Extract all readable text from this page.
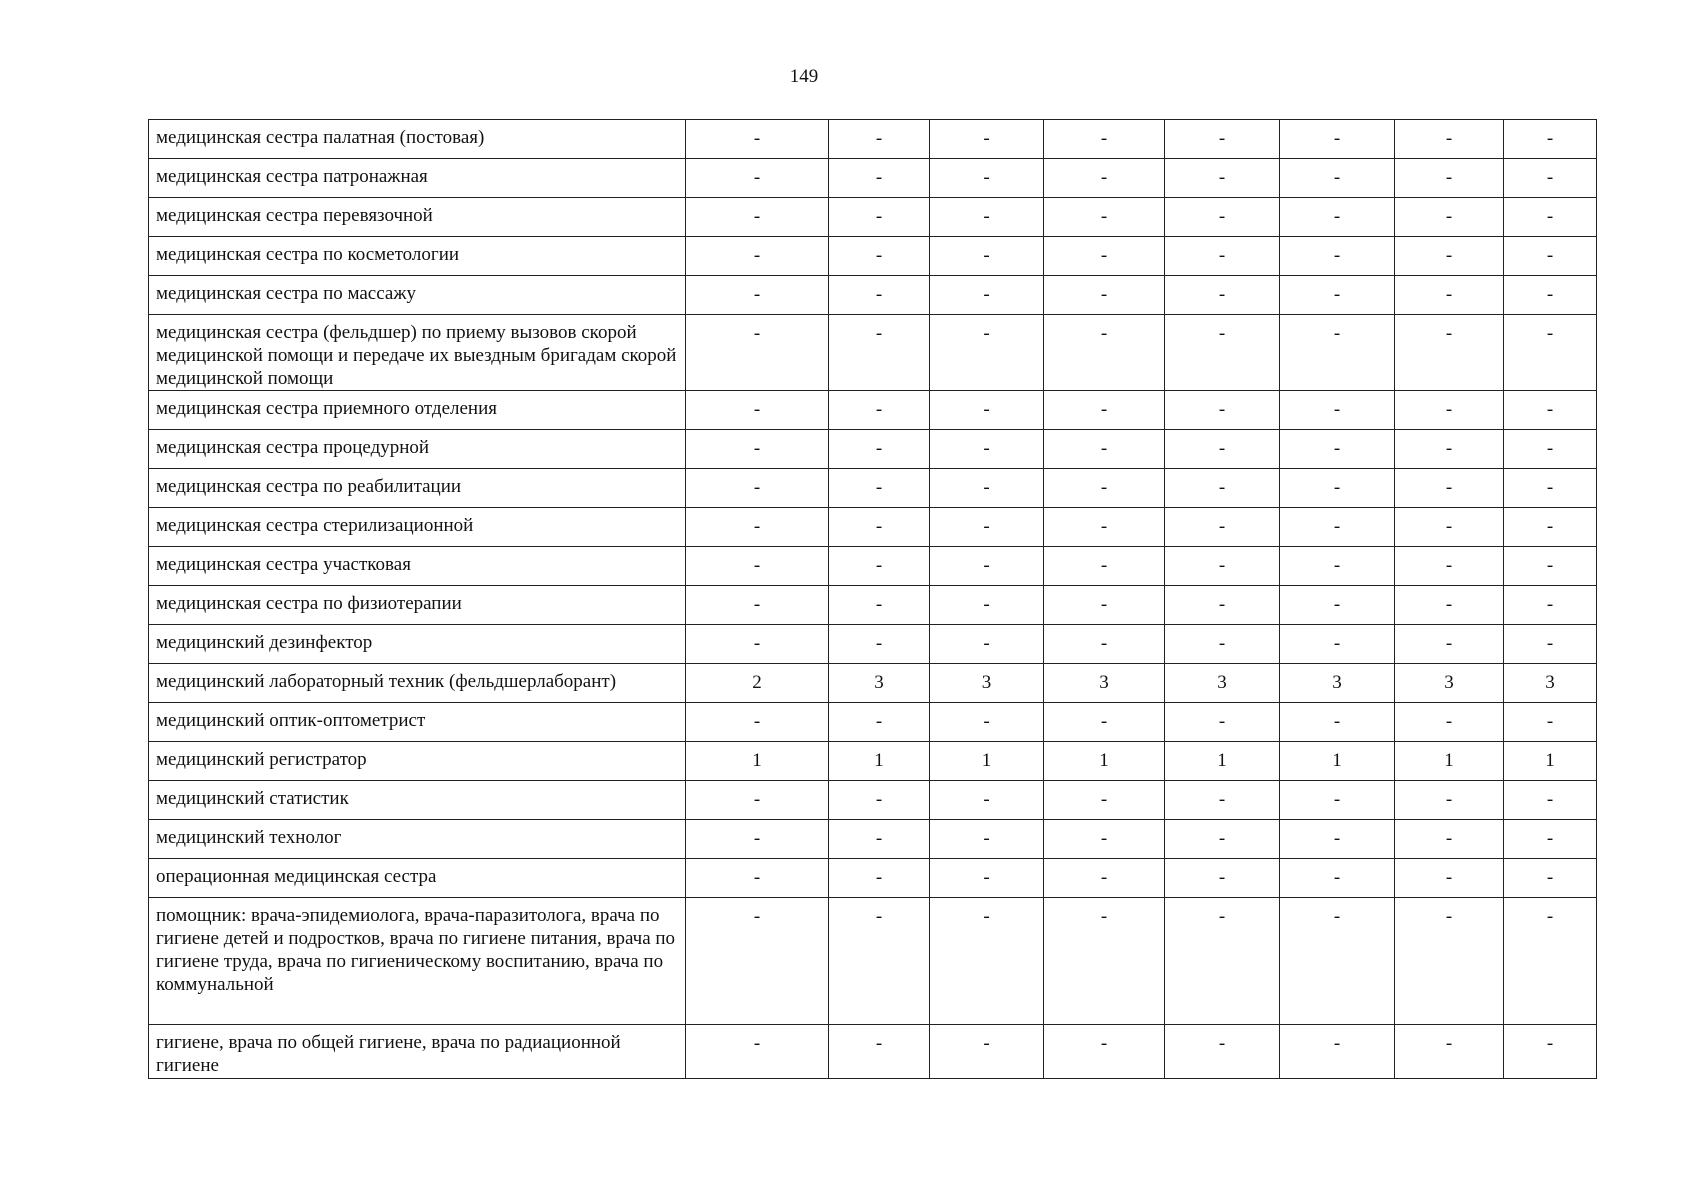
149
медицинская сестра палатная (постовая)	-	-	-	-	-	-	-	-
медицинская сестра патронажная	-	-	-	-	-	-	-	-
медицинская сестра перевязочной	-	-	-	-	-	-	-	-
медицинская сестра по косметологии	-	-	-	-	-	-	-	-
медицинская сестра по массажу	-	-	-	-	-	-	-	-
медицинская сестра (фельдшер) по приему вызовов скорой медицинской помощи и передаче их выездным бригадам скорой медицинской помощи	-	-	-	-	-	-	-	-
медицинская сестра приемного отделения	-	-	-	-	-	-	-	-
медицинская сестра процедурной	-	-	-	-	-	-	-	-
медицинская сестра по реабилитации	-	-	-	-	-	-	-	-
медицинская сестра стерилизационной	-	-	-	-	-	-	-	-
медицинская сестра участковая	-	-	-	-	-	-	-	-
медицинская сестра по физиотерапии	-	-	-	-	-	-	-	-
медицинский дезинфектор	-	-	-	-	-	-	-	-
медицинский лабораторный техник (фельдшерлаборант)	2	3	3	3	3	3	3	3
медицинский оптик-оптометрист	-	-	-	-	-	-	-	-
медицинский регистратор	1	1	1	1	1	1	1	1
медицинский статистик	-	-	-	-	-	-	-	-
медицинский технолог	-	-	-	-	-	-	-	-
операционная медицинская сестра	-	-	-	-	-	-	-	-
помощник: врача-эпидемиолога, врача-паразитолога, врача по гигиене детей и подростков, врача по гигиене питания, врача по гигиене труда, врача по гигиеническому воспитанию, врача по коммунальной	-	-	-	-	-	-	-	-
гигиене, врача по общей гигиене, врача по радиационной гигиене	-	-	-	-	-	-	-	-
